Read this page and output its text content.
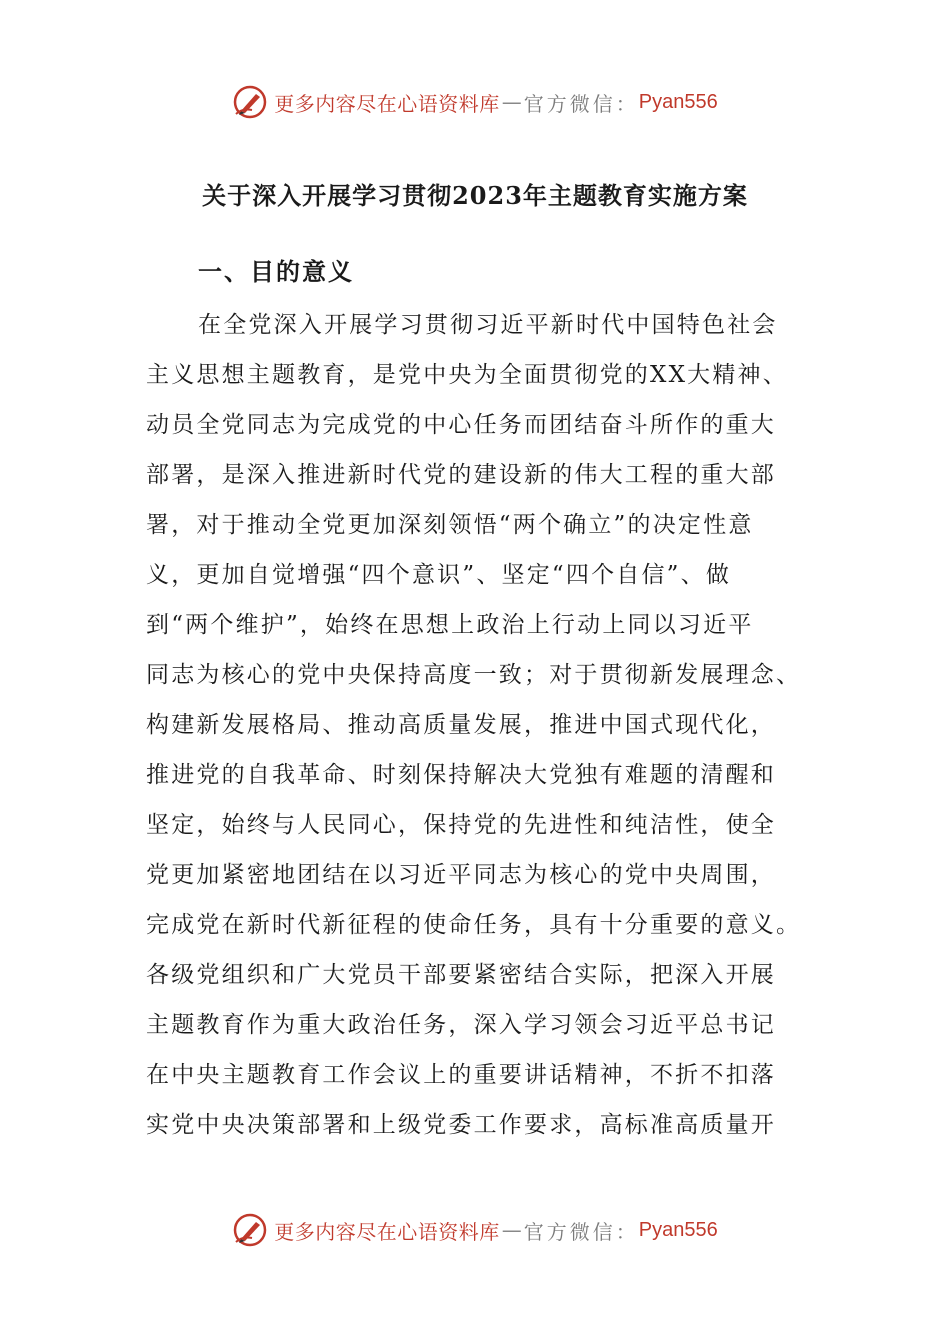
更多内容尽在心语资料库 — 官方微信： Pyan556
关于深入开展学习贯彻2023年主题教育实施方案
一、目的意义
在全党深入开展学习贯彻习近平新时代中国特色社会
主义思想主题教育，是党中央为全面贯彻党的XX大精神、
动员全党同志为完成党的中心任务而团结奋斗所作的重大
部署，是深入推进新时代党的建设新的伟大工程的重大部
署，对于推动全党更加深刻领悟“两个确立”的决定性意
义，更加自觉增强“四个意识”、坚定“四个自信”、做
到“两个维护”，始终在思想上政治上行动上同以习近平
同志为核心的党中央保持高度一致；对于贯彻新发展理念、
构建新发展格局、推动高质量发展，推进中国式现代化，
推进党的自我革命、时刻保持解决大党独有难题的清醒和
坚定，始终与人民同心，保持党的先进性和纯洁性，使全
党更加紧密地团结在以习近平同志为核心的党中央周围，
完成党在新时代新征程的使命任务，具有十分重要的意义。
各级党组织和广大党员干部要紧密结合实际，把深入开展
主题教育作为重大政治任务，深入学习领会习近平总书记
在中央主题教育工作会议上的重要讲话精神，不折不扣落
实党中央决策部署和上级党委工作要求，高标准高质量开
更多内容尽在心语资料库 — 官方微信： Pyan556
